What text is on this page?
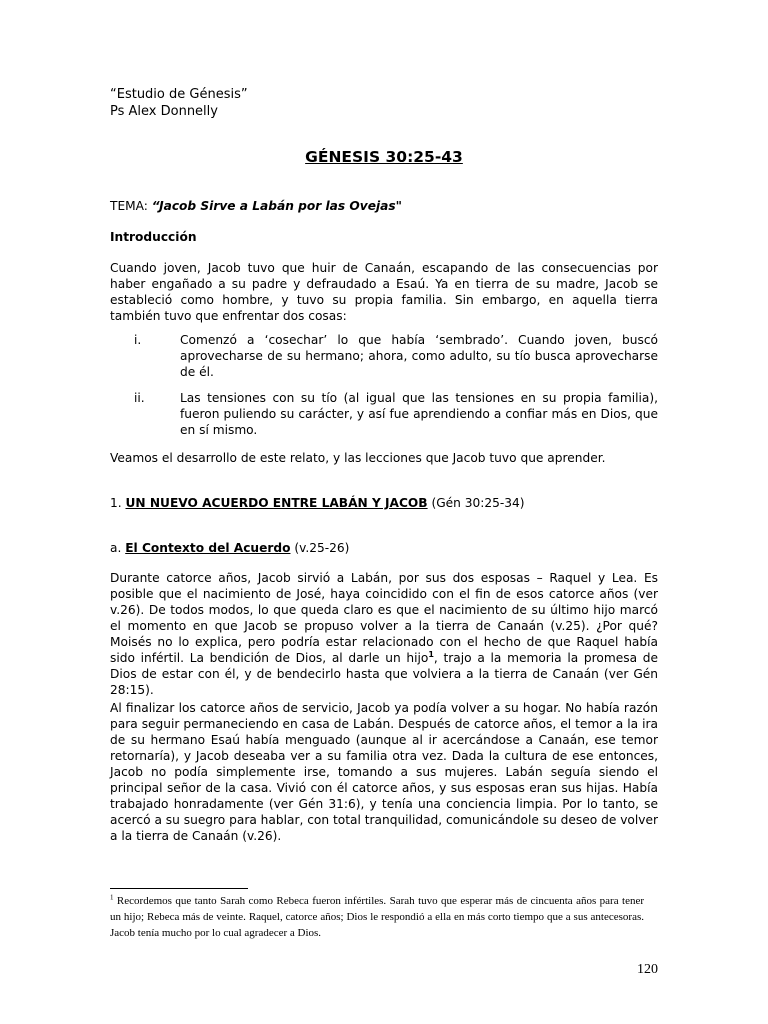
“Estudio de Génesis”
Ps Alex Donnelly
GÉNESIS 30:25-43
TEMA: “Jacob Sirve a Labán por las Ovejas"
Introducción

Cuando joven, Jacob tuvo que huir de Canaán, escapando de las consecuencias por haber engañado a su padre y defraudado a Esaú. Ya en tierra de su madre, Jacob se estableció como hombre, y tuvo su propia familia. Sin embargo, en aquella tierra también tuvo que enfrentar dos cosas:

i.	Comenzó a ‘cosechar’ lo que había ‘sembrado’. Cuando joven, buscó aprovecharse de su hermano; ahora, como adulto, su tío busca aprovecharse de él.
ii.	Las tensiones con su tío (al igual que las tensiones en su propia familia), fueron puliendo su carácter, y así fue aprendiendo a confiar más en Dios, que en sí mismo.

Veamos el desarrollo de este relato, y las lecciones que Jacob tuvo que aprender.

1. UN NUEVO ACUERDO ENTRE LABÁN Y JACOB (Gén 30:25-34)
a. El Contexto del Acuerdo (v.25-26)

Durante catorce años, Jacob sirvió a Labán, por sus dos esposas – Raquel y Lea. Es posible que el nacimiento de José, haya coincidido con el fin de esos catorce años (ver v.26). De todos modos, lo que queda claro es que el nacimiento de su último hijo marcó el momento en que Jacob se propuso volver a la tierra de Canaán (v.25). ¿Por qué? Moisés no lo explica, pero podría estar relacionado con el hecho de que Raquel había sido infértil. La bendición de Dios, al darle un hijo$^1$, trajo a la memoria la promesa de Dios de estar con él, y de bendecirlo hasta que volviera a la tierra de Canaán (ver Gén 28:15).

Al finalizar los catorce años de servicio, Jacob ya podía volver a su hogar. No había razón para seguir permaneciendo en casa de Labán. Después de catorce años, el temor a la ira de su hermano Esaú había menguado (aunque al ir acercándose a Canaán, ese temor retornaría), y Jacob deseaba ver a su familia otra vez. Dada la cultura de ese entonces, Jacob no podía simplemente irse, tomando a sus mujeres. Labán seguía siendo el principal señor de la casa. Vivió con él catorce años, y sus esposas eran sus hijas. Había trabajado honradamente (ver Gén 31:6), y tenía una conciencia limpia. Por lo tanto, se acercó a su suegro para hablar, con total tranquilidad, comunicándole su deseo de volver a la tierra de Canaán (v.26).

$^1$ Recordemos que tanto Sarah como Rebeca fueron infértiles. Sarah tuvo que esperar más de cincuenta años para tener un hijo; Rebeca más de veinte. Raquel, catorce años; Dios le respondió a ella en más corto tiempo que a sus antecesoras. Jacob tenía mucho por lo cual agradecer a Dios.
120
